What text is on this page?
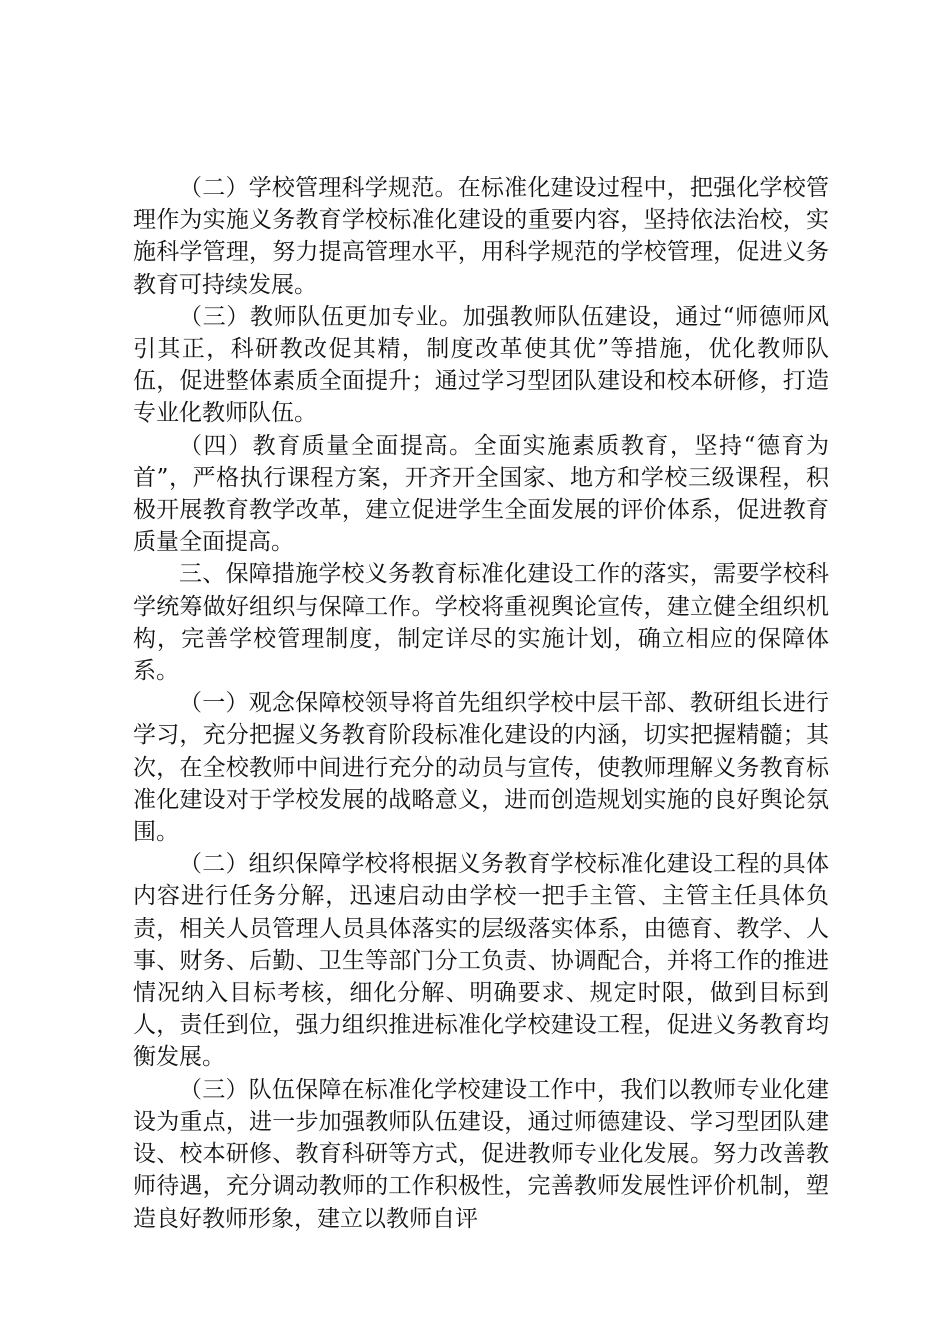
（二）学校管理科学规范。在标准化建设过程中，把强化学校管理作为实施义务教育学校标准化建设的重要内容，坚持依法治校，实施科学管理，努力提高管理水平，用科学规范的学校管理，促进义务教育可持续发展。

（三）教师队伍更加专业。加强教师队伍建设，通过“师德师风引其正，科研教改促其精，制度改革使其优”等措施，优化教师队伍，促进整体素质全面提升；通过学习型团队建设和校本研修，打造专业化教师队伍。

（四）教育质量全面提高。全面实施素质教育，坚持“德育为首”，严格执行课程方案，开齐开全国家、地方和学校三级课程，积极开展教育教学改革，建立促进学生全面发展的评价体系，促进教育质量全面提高。

三、保障措施学校义务教育标准化建设工作的落实，需要学校科学统筹做好组织与保障工作。学校将重视舆论宣传，建立健全组织机构，完善学校管理制度，制定详尽的实施计划，确立相应的保障体系。

（一）观念保障校领导将首先组织学校中层干部、教研组长进行学习，充分把握义务教育阶段标准化建设的内涵，切实把握精髓；其次，在全校教师中间进行充分的动员与宣传，使教师理解义务教育标准化建设对于学校发展的战略意义，进而创造规划实施的良好舆论氛围。

（二）组织保障学校将根据义务教育学校标准化建设工程的具体内容进行任务分解，迅速启动由学校一把手主管、主管主任具体负责，相关人员管理人员具体落实的层级落实体系，由德育、教学、人事、财务、后勤、卫生等部门分工负责、协调配合，并将工作的推进情况纳入目标考核，细化分解、明确要求、规定时限，做到目标到人，责任到位，强力组织推进标准化学校建设工程，促进义务教育均衡发展。

（三）队伍保障在标准化学校建设工作中，我们以教师专业化建设为重点，进一步加强教师队伍建设，通过师德建设、学习型团队建设、校本研修、教育科研等方式，促进教师专业化发展。努力改善教师待遇，充分调动教师的工作积极性，完善教师发展性评价机制，塑造良好教师形象，建立以教师自评
